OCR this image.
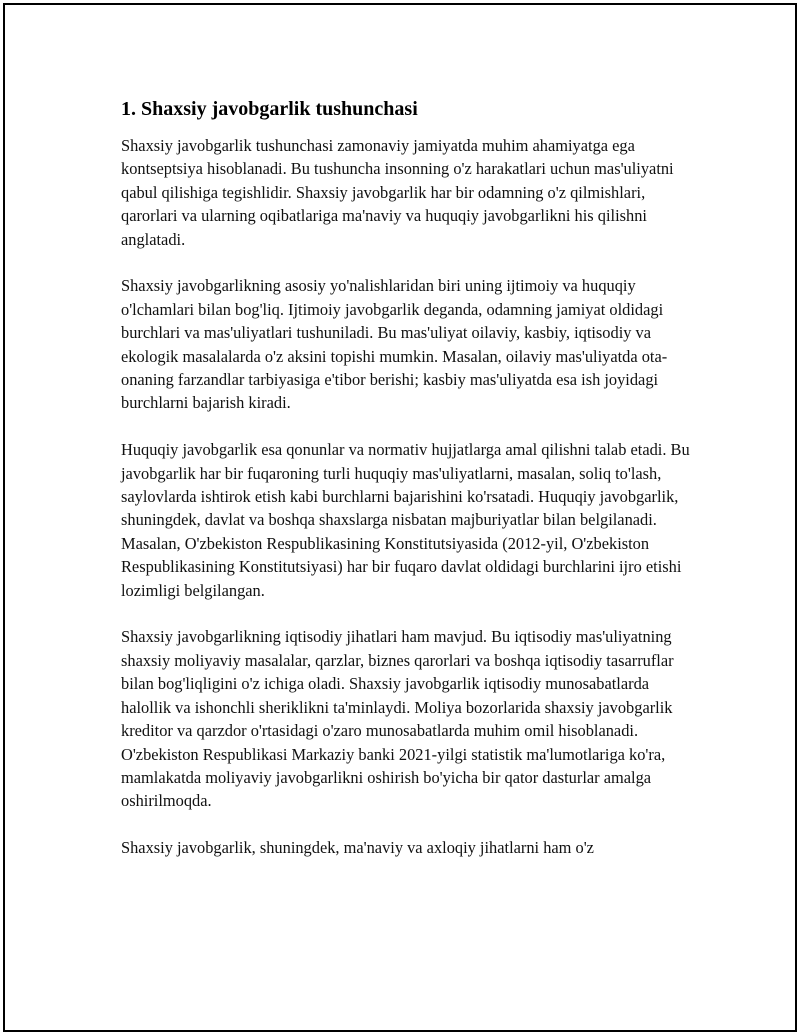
1. Shaxsiy javobgarlik tushunchasi

Shaxsiy javobgarlik tushunchasi zamonaviy jamiyatda muhim ahamiyatga ega kontseptsiya hisoblanadi. Bu tushuncha insonning o'z harakatlari uchun mas'uliyatni qabul qilishiga tegishlidir. Shaxsiy javobgarlik har bir odamning o'z qilmishlari, qarorlari va ularning oqibatlariga ma'naviy va huquqiy javobgarlikni his qilishni anglatadi.

Shaxsiy javobgarlikning asosiy yo'nalishlaridan biri uning ijtimoiy va huquqiy o'lchamlari bilan bog'liq. Ijtimoiy javobgarlik deganda, odamning jamiyat oldidagi burchlari va mas'uliyatlari tushuniladi. Bu mas'uliyat oilaviy, kasbiy, iqtisodiy va ekologik masalalarda o'z aksini topishi mumkin. Masalan, oilaviy mas'uliyatda ota-onaning farzandlar tarbiyasiga e'tibor berishi; kasbiy mas'uliyatda esa ish joyidagi burchlarni bajarish kiradi.

Huquqiy javobgarlik esa qonunlar va normativ hujjatlarga amal qilishni talab etadi. Bu javobgarlik har bir fuqaroning turli huquqiy mas'uliyatlarni, masalan, soliq to'lash, saylovlarda ishtirok etish kabi burchlarni bajarishini ko'rsatadi. Huquqiy javobgarlik, shuningdek, davlat va boshqa shaxslarga nisbatan majburiyatlar bilan belgilanadi. Masalan, O'zbekiston Respublikasining Konstitutsiyasida (2012-yil, O'zbekiston Respublikasining Konstitutsiyasi) har bir fuqaro davlat oldidagi burchlarini ijro etishi lozimligi belgilangan.

Shaxsiy javobgarlikning iqtisodiy jihatlari ham mavjud. Bu iqtisodiy mas'uliyatning shaxsiy moliyaviy masalalar, qarzlar, biznes qarorlari va boshqa iqtisodiy tasarruflar bilan bog'liqligini o'z ichiga oladi. Shaxsiy javobgarlik iqtisodiy munosabatlarda halollik va ishonchli sheriklikni ta'minlaydi. Moliya bozorlarida shaxsiy javobgarlik kreditor va qarzdor o'rtasidagi o'zaro munosabatlarda muhim omil hisoblanadi. O'zbekiston Respublikasi Markaziy banki 2021-yilgi statistik ma'lumotlariga ko'ra, mamlakatda moliyaviy javobgarlikni oshirish bo'yicha bir qator dasturlar amalga oshirilmoqda.

Shaxsiy javobgarlik, shuningdek, ma'naviy va axloqiy jihatlarni ham o'z
